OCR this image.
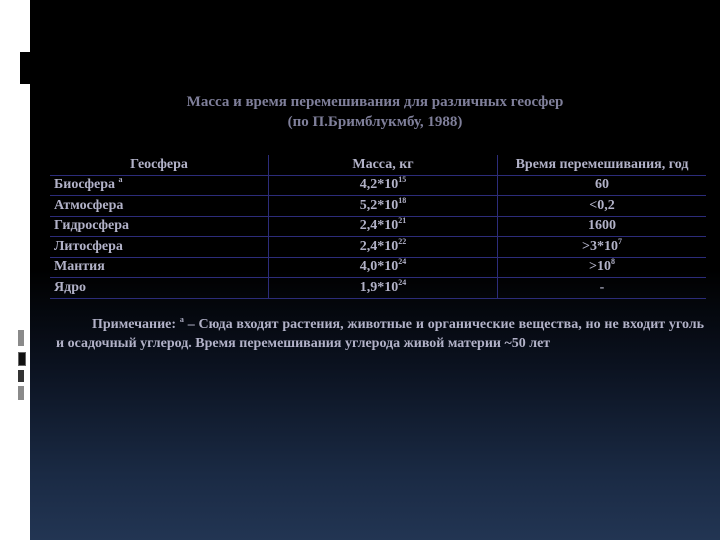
Масса и время перемешивания для различных геосфер
(по П.Бримблукмбу, 1988)
Геосфера	Масса, кг	Время перемешивания, год
Биосфера $^a$	$4,2*10^{15}$	60
Атмосфера	$5,2*10^{18}$	<0,2
Гидросфера	$2,4*10^{21}$	1600
Литосфера	$2,4*10^{22}$	$>3*10^7$
Мантия	$4,0*10^{24}$	$>10^8$
Ядро	$1,9*10^{24}$	-
Примечание: $^а$ – Сюда входят растения, животные и органические вещества, но не входит уголь и осадочный углерод. Время перемешивания углерода живой материи ~50 лет
